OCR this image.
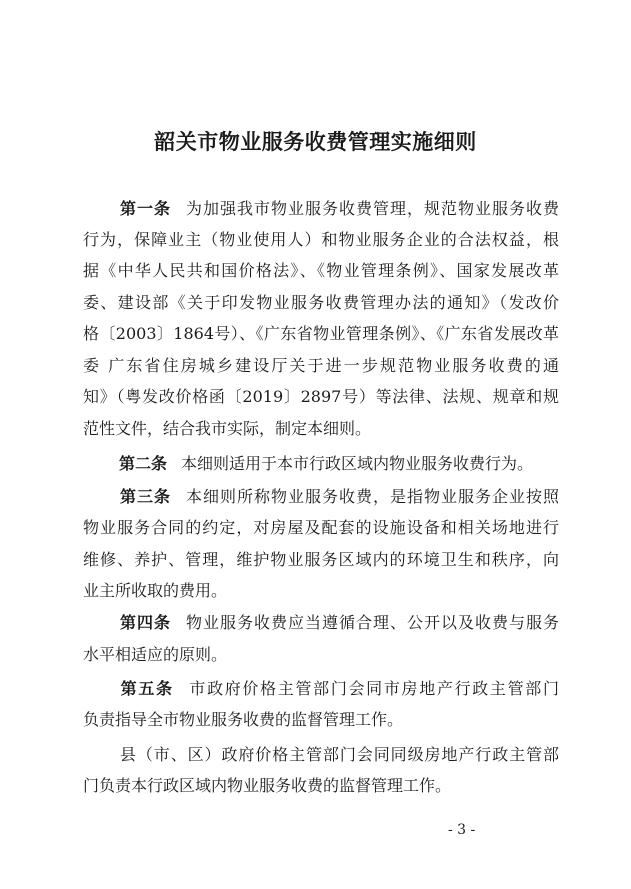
韶关市物业服务收费管理实施细则
第一条 为加强我市物业服务收费管理，规范物业服务收费
行为，保障业主（物业使用人）和物业服务企业的合法权益，根
据《中华人民共和国价格法》、《物业管理条例》、国家发展改革
委、建设部《关于印发物业服务收费管理办法的通知》（发改价
格〔2003〕1864号）、《广东省物业管理条例》、《广东省发展改革
委 广东省住房城乡建设厅关于进一步规范物业服务收费的通
知》（粤发改价格函〔2019〕2897号）等法律、法规、规章和规
范性文件，结合我市实际，制定本细则。
第二条 本细则适用于本市行政区域内物业服务收费行为。
第三条 本细则所称物业服务收费，是指物业服务企业按照
物业服务合同的约定，对房屋及配套的设施设备和相关场地进行
维修、养护、管理，维护物业服务区域内的环境卫生和秩序，向
业主所收取的费用。
第四条 物业服务收费应当遵循合理、公开以及收费与服务
水平相适应的原则。
第五条 市政府价格主管部门会同市房地产行政主管部门
负责指导全市物业服务收费的监督管理工作。
县（市、区）政府价格主管部门会同同级房地产行政主管部
门负责本行政区域内物业服务收费的监督管理工作。
- 3 -
